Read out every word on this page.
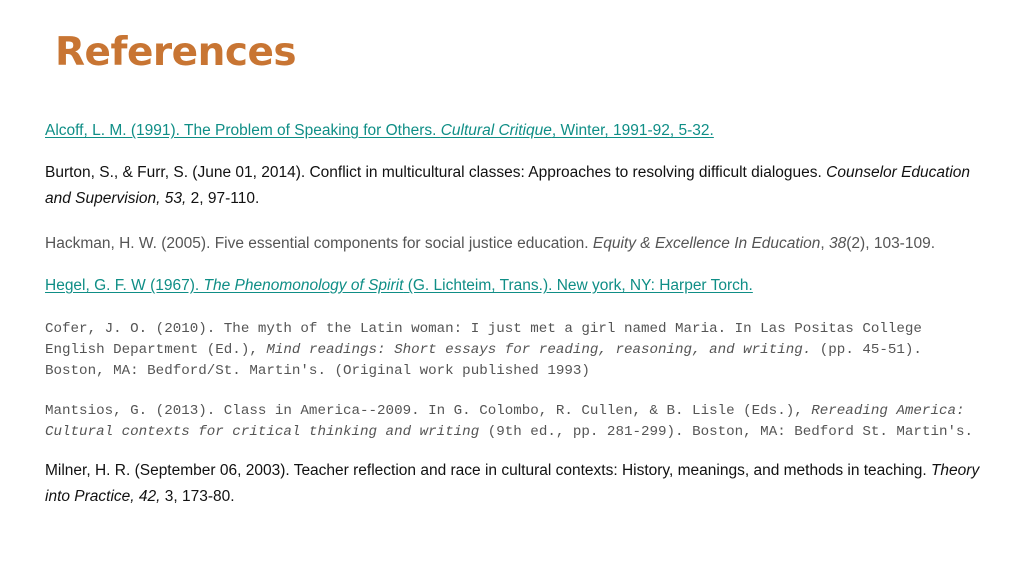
References

Alcoff, L. M. (1991). The Problem of Speaking for Others. Cultural Critique, Winter, 1991-92, 5-32.

Burton, S., & Furr, S. (June 01, 2014). Conflict in multicultural classes: Approaches to resolving difficult dialogues. Counselor Education and Supervision, 53, 2, 97-110.

Hackman, H. W. (2005). Five essential components for social justice education. Equity & Excellence In Education, 38(2), 103-109.

Hegel, G. F. W (1967). The Phenomonology of Spirit (G. Lichteim, Trans.). New york, NY: Harper Torch.

Cofer, J. O. (2010). The myth of the Latin woman: I just met a girl named Maria. In Las Positas College English Department (Ed.), Mind readings: Short essays for reading, reasoning, and writing. (pp. 45-51). Boston, MA: Bedford/St. Martin's. (Original work published 1993)

Mantsios, G. (2013). Class in America--2009. In G. Colombo, R. Cullen, & B. Lisle (Eds.), Rereading America: Cultural contexts for critical thinking and writing (9th ed., pp. 281-299). Boston, MA: Bedford St. Martin's.

Milner, H. R. (September 06, 2003). Teacher reflection and race in cultural contexts: History, meanings, and methods in teaching. Theory into Practice, 42, 3, 173-80.
